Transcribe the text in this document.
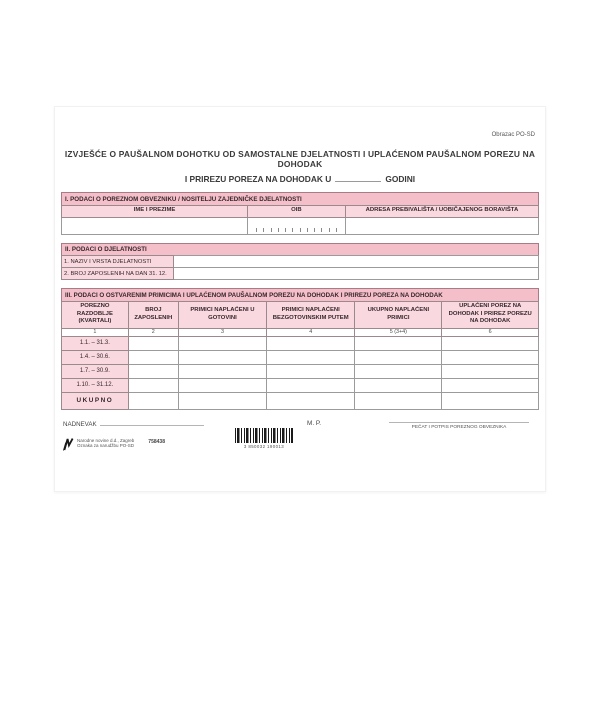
Obrazac PO-SD
IZVJEŠĆE O PAUŠALNOM DOHOTKU OD SAMOSTALNE DJELATNOSTI I UPLAĆENOM PAUŠALNOM POREZU NA DOHODAK
I PRIREZU POREZA NA DOHODAK U	GODINI
I. PODACI O POREZNOM OBVEZNIKU / NOSITELJU ZAJEDNIČKE DJELATNOSTI
IME I PREZIME	OIB	ADRESA PREBIVALIŠTA / UOBIČAJENOG BORAVIŠTA

II. PODACI O DJELATNOSTI
1. NAZIV I VRSTA DJELATNOSTI	
2. BROJ ZAPOSLENIH NA DAN 31. 12.	
III. PODACI O OSTVARENIM PRIMICIMA I UPLAĆENOM PAUŠALNOM POREZU NA DOHODAK I PRIREZU POREZA NA DOHODAK
POREZNO RAZDOBLJE (KVARTALI)	BROJ ZAPOSLENIH	PRIMICI NAPLAĆENI U GOTOVINI	PRIMICI NAPLAĆENI BEZGOTOVINSKIM PUTEM	UKUPNO NAPLAĆENI PRIMICI	UPLAĆENI POREZ NA DOHODAK I PRIREZ POREZU NA DOHODAK
1	2	3	4	5 (3+4)	6
1.1. – 31.3.					
1.4. – 30.6.					
1.7. – 30.9.					
1.10. – 31.12.					
UKUPNO					
NADNEVAK
Narodne novine d.d., Zagreb
Oznaka za narudžbu PO-SD
758438
3 850032 190013
M. P.
PEČAT I POTPIS POREZNOG OBVEZNIKA
